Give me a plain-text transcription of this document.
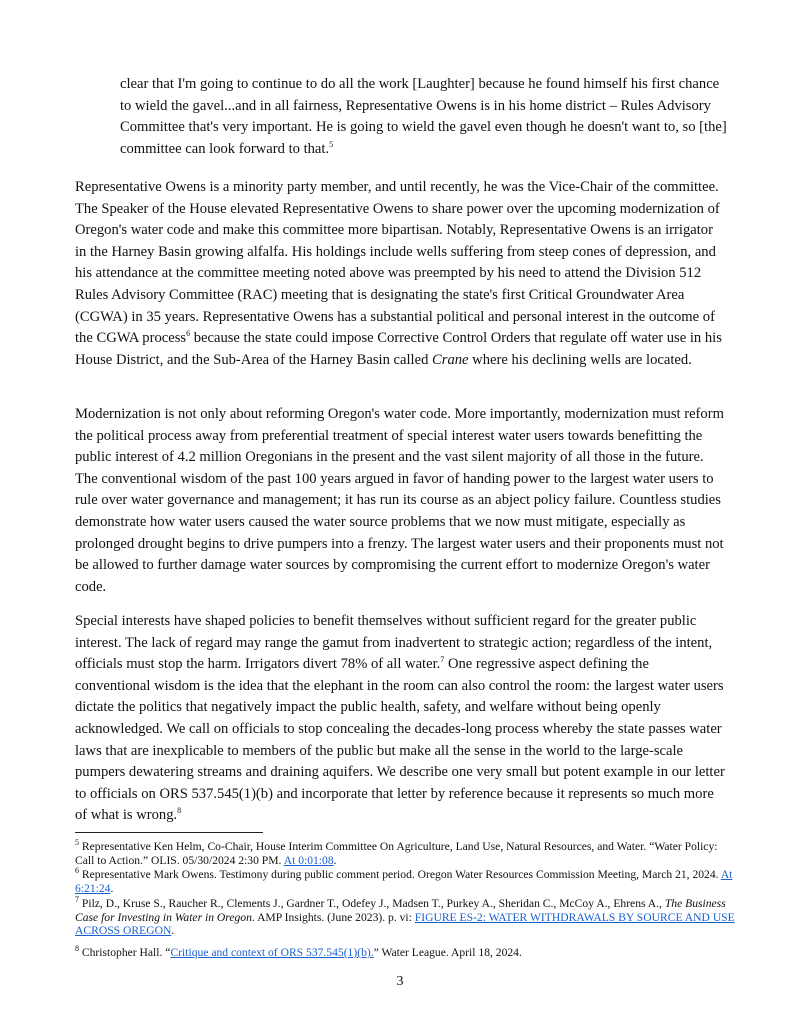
clear that I'm going to continue to do all the work [Laughter] because he found himself his first chance to wield the gavel...and in all fairness, Representative Owens is in his home district – Rules Advisory Committee that's very important. He is going to wield the gavel even though he doesn't want to, so [the] committee can look forward to that.$^5$

Representative Owens is a minority party member, and until recently, he was the Vice-Chair of the committee. The Speaker of the House elevated Representative Owens to share power over the upcoming modernization of Oregon's water code and make this committee more bipartisan. Notably, Representative Owens is an irrigator in the Harney Basin growing alfalfa. His holdings include wells suffering from steep cones of depression, and his attendance at the committee meeting noted above was preempted by his need to attend the Division 512 Rules Advisory Committee (RAC) meeting that is designating the state's first Critical Groundwater Area (CGWA) in 35 years. Representative Owens has a substantial political and personal interest in the outcome of the CGWA process$^6$ because the state could impose Corrective Control Orders that regulate off water use in his House District, and the Sub-Area of the Harney Basin called Crane where his declining wells are located.

Modernization is not only about reforming Oregon's water code. More importantly, modernization must reform the political process away from preferential treatment of special interest water users towards benefitting the public interest of 4.2 million Oregonians in the present and the vast silent majority of all those in the future. The conventional wisdom of the past 100 years argued in favor of handing power to the largest water users to rule over water governance and management; it has run its course as an abject policy failure. Countless studies demonstrate how water users caused the water source problems that we now must mitigate, especially as prolonged drought begins to drive pumpers into a frenzy. The largest water users and their proponents must not be allowed to further damage water sources by compromising the current effort to modernize Oregon's water code.

Special interests have shaped policies to benefit themselves without sufficient regard for the greater public interest. The lack of regard may range the gamut from inadvertent to strategic action; regardless of the intent, officials must stop the harm. Irrigators divert 78% of all water.$^7$ One regressive aspect defining the conventional wisdom is the idea that the elephant in the room can also control the room: the largest water users dictate the politics that negatively impact the public health, safety, and welfare without being openly acknowledged. We call on officials to stop concealing the decades-long process whereby the state passes water laws that are inexplicable to members of the public but make all the sense in the world to the large-scale pumpers dewatering streams and draining aquifers. We describe one very small but potent example in our letter to officials on ORS 537.545(1)(b) and incorporate that letter by reference because it represents so much more of what is wrong.$^8$

$^5$ Representative Ken Helm, Co-Chair, House Interim Committee On Agriculture, Land Use, Natural Resources, and Water. “Water Policy: Call to Action.” OLIS. 05/30/2024 2:30 PM. At 0:01:08.

$^6$ Representative Mark Owens. Testimony during public comment period. Oregon Water Resources Commission Meeting, March 21, 2024. At 6:21:24.

$^7$ Pilz, D., Kruse S., Raucher R., Clements J., Gardner T., Odefey J., Madsen T., Purkey A., Sheridan C., McCoy A., Ehrens A., The Business Case for Investing in Water in Oregon. AMP Insights. (June 2023). p. vi: FIGURE ES-2: WATER WITHDRAWALS BY SOURCE AND USE ACROSS OREGON.

$^8$ Christopher Hall. “Critique and context of ORS 537.545(1)(b).” Water League. April 18, 2024.

3
